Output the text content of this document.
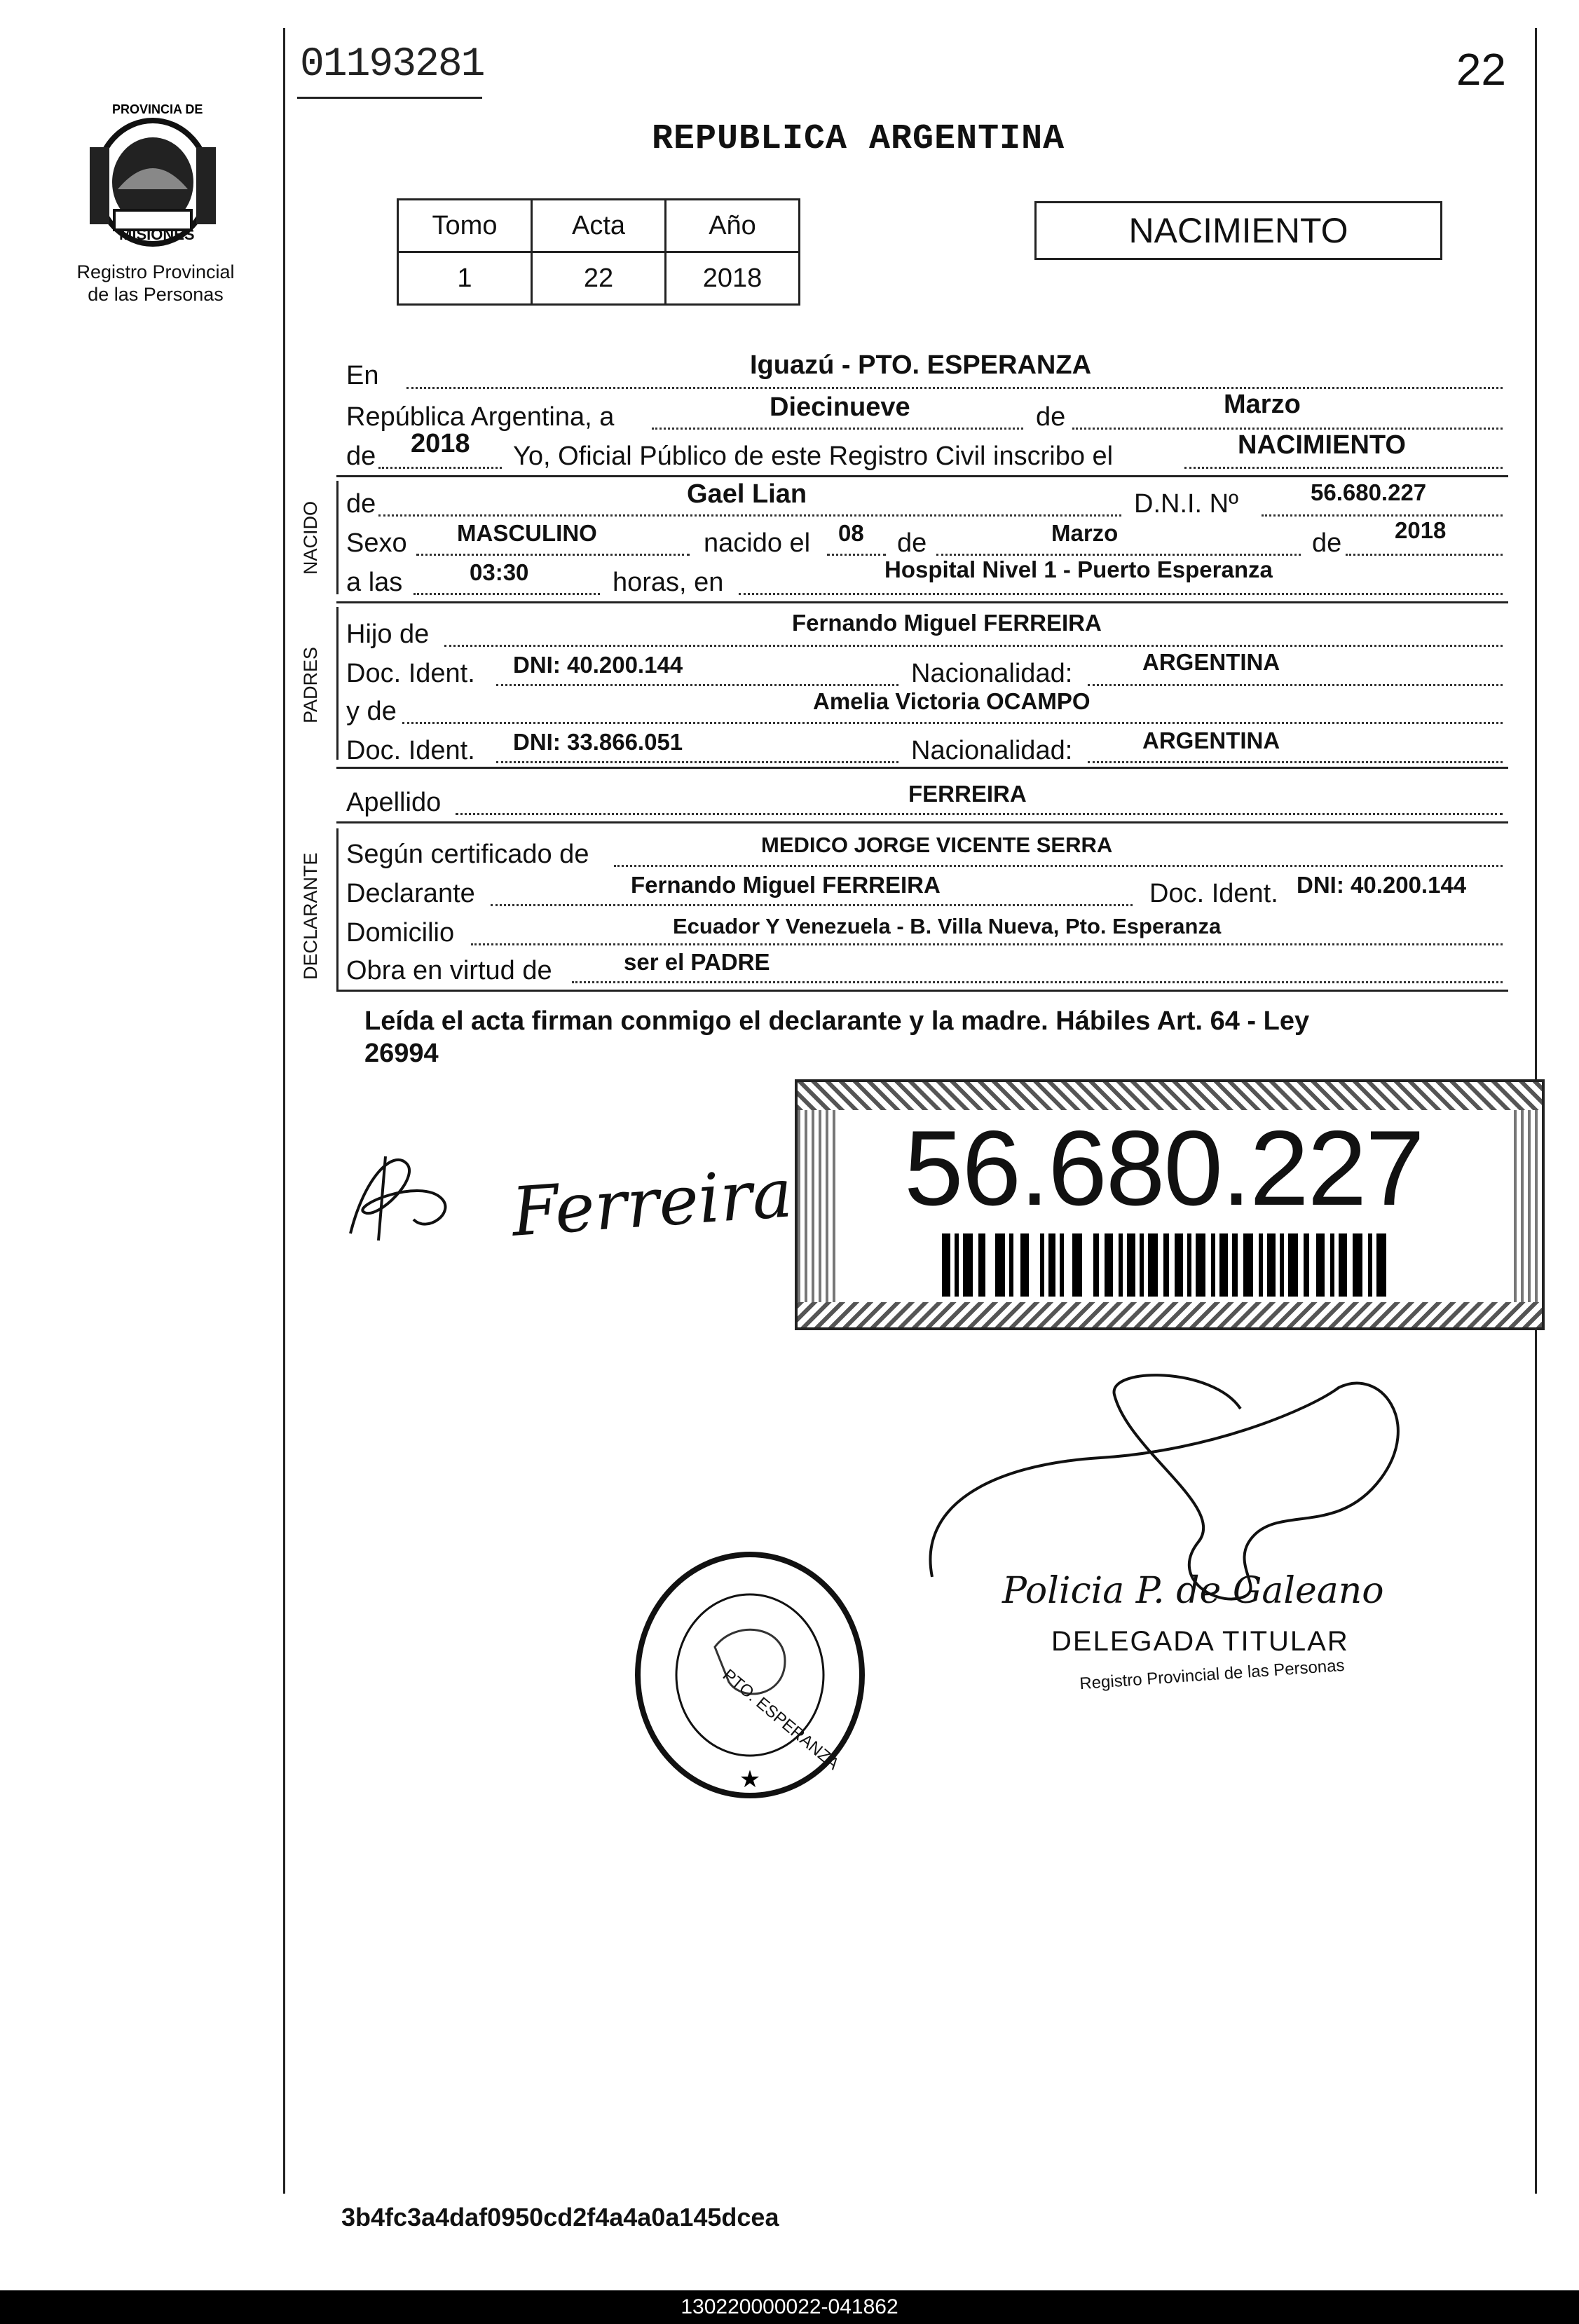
01193281	22
REPUBLICA ARGENTINA
PROVINCIA DE
MISIONES
Registro Provincial
de las Personas
Tomo	Acta	Año
1	22	2018
NACIMIENTO
En	Iguazú - PTO. ESPERANZA
República Argentina, a	Diecinueve	de	Marzo
de 2018 Yo, Oficial Público de este Registro Civil inscribo el	NACIMIENTO
NACIDO de	Gael Lian	D.N.I. Nº	56.680.227
Sexo MASCULINO	nacido el 08 de	Marzo	de 2018
a las	03:30	horas, en	Hospital Nivel 1 - Puerto Esperanza
PADRES
Hijo de	Fernando Miguel FERREIRA
Doc. Ident. DNI: 40.200.144	Nacionalidad:	ARGENTINA
y de	Amelia Victoria OCAMPO
Doc. Ident. DNI: 33.866.051	Nacionalidad:	ARGENTINA
Apellido	FERREIRA
DECLARANTE Según certificado de	MEDICO JORGE VICENTE SERRA
Declarante	Fernando Miguel FERREIRA	Doc. Ident. DNI: 40.200.144
Domicilio	Ecuador Y Venezuela - B. Villa Nueva, Pto. Esperanza
Obra en virtud de	ser el PADRE
Leída el acta firman conmigo el declarante y la madre. Hábiles Art. 64 - Ley
26994
56.680.227
Ferreira
★
PTO. ESPERANZA
Policia P. de Galeano
DELEGADA TITULAR
Registro Provincial de las Personas
3b4fc3a4daf0950cd2f4a4a0a145dcea
130220000022-041862
